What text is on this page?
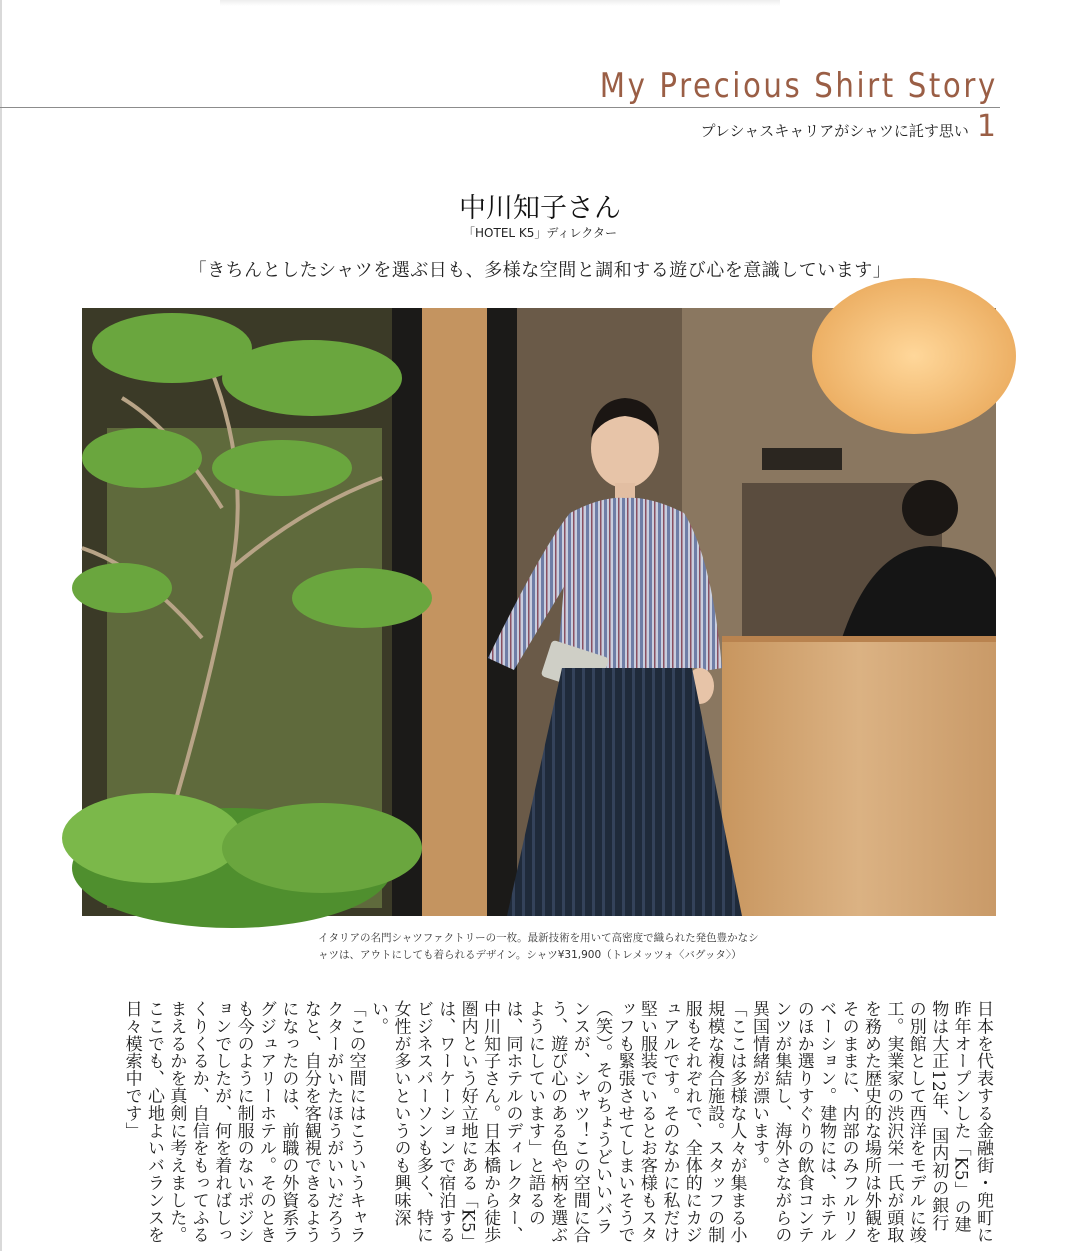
My Precious Shirt Story
プレシャスキャリアがシャツに託す思い 1
中川知子さん
「HOTEL K5」ディレクター
「きちんとしたシャツを選ぶ日も、多様な空間と調和する遊び心を意識しています」
イタリアの名門シャツファクトリーの一枚。最新技術を用いて高密度で織られた発色豊かなシ
ャツは、アウトにしても着られるデザイン。シャツ¥31,900（トレメッツォ〈バグッタ〉）

日本を代表する金融街・兜町に昨年オープンした「K5」の建物は大正12年、国内初の銀行の別館として西洋をモデルに竣工。実業家の渋沢栄一氏が頭取を務めた歴史的な場所は外観をそのままに、内部のみフルリノベーション。建物には、ホテルのほか選りすぐりの飲食コンテンツが集結し、海外さながらの異国情緒が漂います。

「ここは多様な人々が集まる小規模な複合施設。スタッフの制服もそれぞれで、全体的にカジュアルです。そのなかに私だけ堅い服装でいるとお客様もスタッフも緊張させてしまいそうで（笑）。そのちょうどいいバランスが、シャツ！この空間に合う、遊び心のある色や柄を選ぶようにしています」と語るのは、同ホテルのディレクター、中川知子さん。日本橋から徒歩圏内という好立地にある「K5」は、ワーケーションで宿泊するビジネスパーソンも多く、特に女性が多いというのも興味深い。

「この空間にはこういうキャラクターがいたほうがいいだろうなと、自分を客観視できるようになったのは、前職の外資系ラグジュアリーホテル。そのときも今のように制服のないポジションでしたが、何を着ればしっくりくるか、自信をもってふるまえるかを真剣に考えました。ここでも、心地よいバランスを日々模索中です」
